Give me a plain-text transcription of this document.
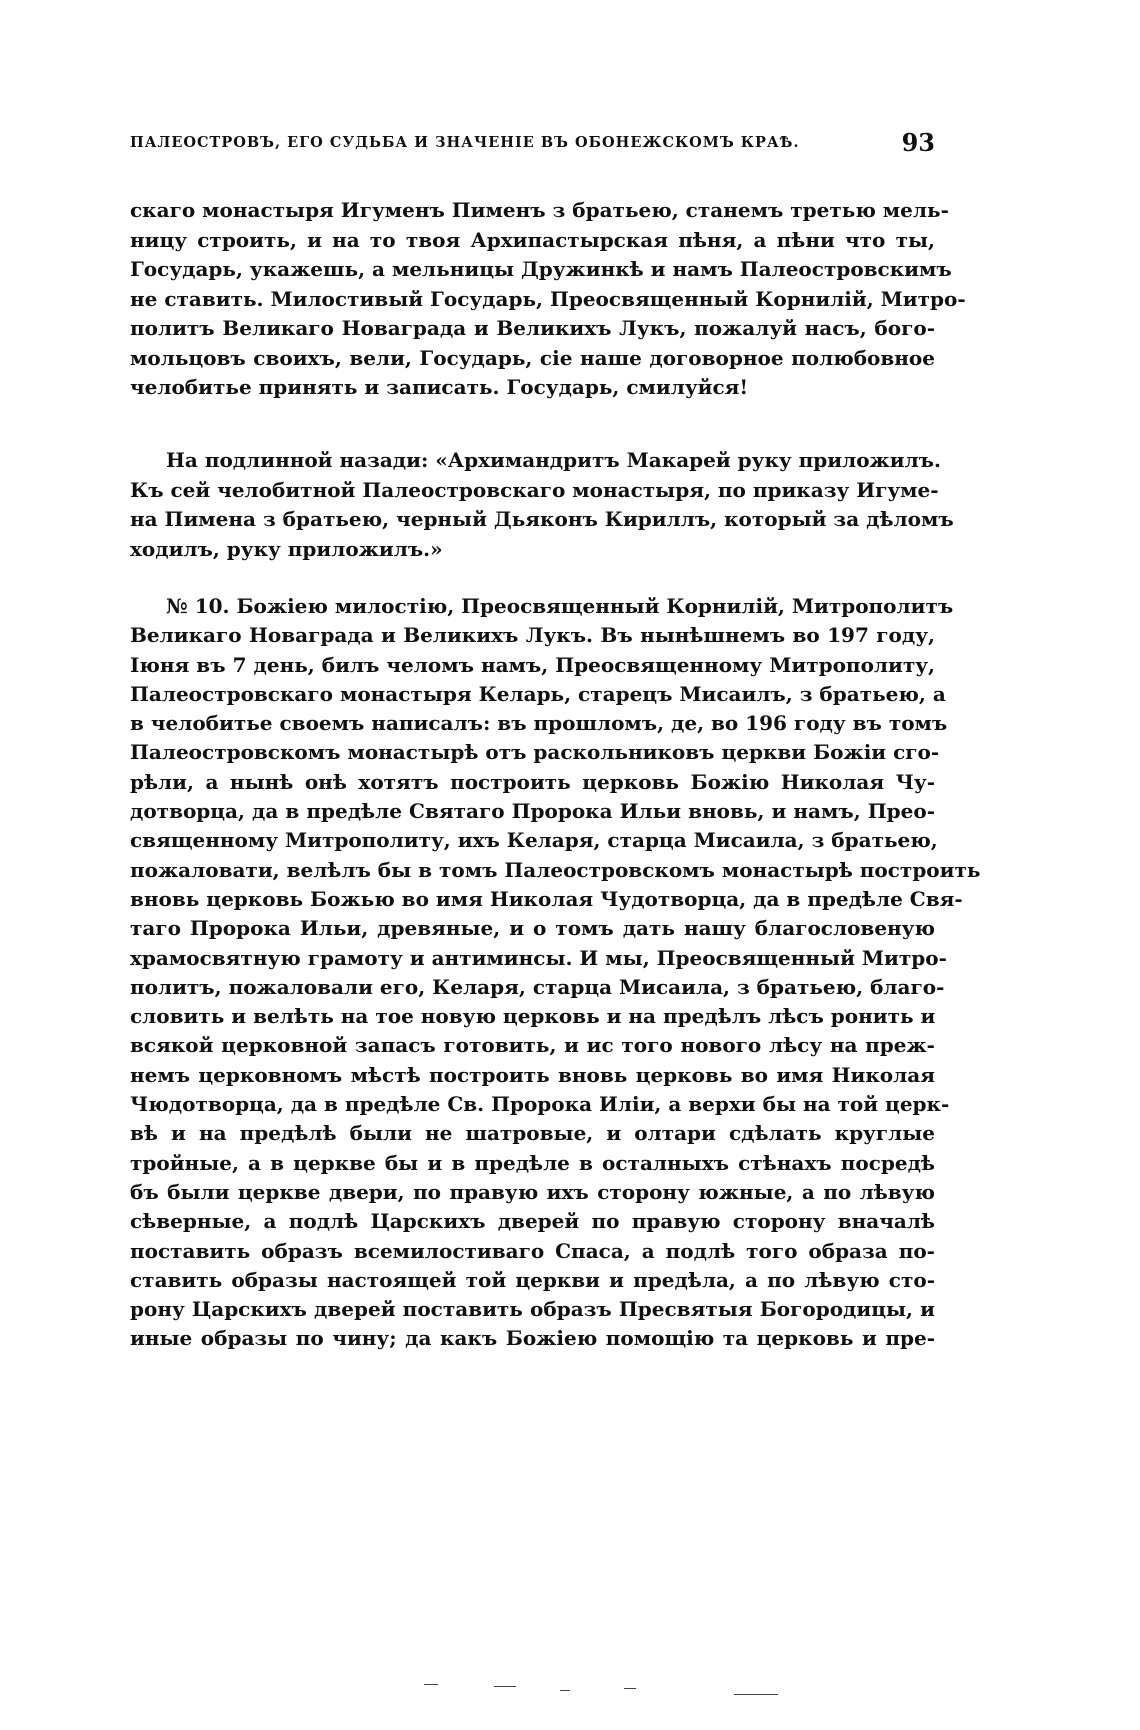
ПАЛЕОСТРОВЪ, ЕГО СУДЬБА И ЗНАЧЕНІЕ ВЪ ОБОНЕЖСКОМЪ КРАѢ.	93
скаго монастыря Игуменъ Пименъ з братьею, станемъ третью мель-
ницу строить, и на то твоя Архипастырская пѣня, а пѣни что ты,
Государь, укажешь, а мельницы Дружинкѣ и намъ Палеостровскимъ
не ставить. Милостивый Государь, Преосвященный Корнилій, Митро-
политъ Великаго Новаграда и Великихъ Лукъ, пожалуй насъ, бого-
мольцовъ своихъ, вели, Государь, сіе наше договорное полюбовное
челобитье принять и записать. Государь, смилуйся!
На подлинной назади: «Архимандритъ Макарей руку приложилъ.
Къ сей челобитной Палеостровскаго монастыря, по приказу Игуме-
на Пимена з братьею, черный Дьяконъ Кириллъ, который за дѣломъ
ходилъ, руку приложилъ.»
№ 10. Божіею милостію, Преосвященный Корнилій, Митрополитъ
Великаго Новаграда и Великихъ Лукъ. Въ нынѣшнемъ во 197 году,
Іюня въ 7 день, билъ челомъ намъ, Преосвященному Митрополиту,
Палеостровскаго монастыря Келарь, старецъ Мисаилъ, з братьею, а
в челобитье своемъ написалъ: въ прошломъ, де, во 196 году въ томъ
Палеостровскомъ монастырѣ отъ раскольниковъ церкви Божіи сго-
рѣли, а нынѣ онѣ хотятъ построить церковь Божію Николая Чу-
дотворца, да в предѣле Святаго Пророка Ильи вновь, и намъ, Прео-
священному Митрополиту, ихъ Келаря, старца Мисаила, з братьею,
пожаловати, велѣлъ бы в томъ Палеостровскомъ монастырѣ построить
вновь церковь Божью во имя Николая Чудотворца, да в предѣле Свя-
таго Пророка Ильи, древяные, и о томъ дать нашу благословеную
храмосвятную грамоту и антиминсы. И мы, Преосвященный Митро-
политъ, пожаловали его, Келаря, старца Мисаила, з братьею, благо-
словить и велѣть на тое новую церковь и на предѣлъ лѣсъ ронить и
всякой церковной запасъ готовить, и ис того нового лѣсу на преж-
немъ церковномъ мѣстѣ построить вновь церковь во имя Николая
Чюдотворца, да в предѣле Св. Пророка Иліи, а верхи бы на той церк-
вѣ и на предѣлѣ были не шатровые, и олтари сдѣлать круглые
тройные, а в церкве бы и в предѣле в осталныхъ стѣнахъ посредѣ
бъ были церкве двери, по правую ихъ сторону южные, а по лѣвую
сѣверные, а подлѣ Царскихъ дверей по правую сторону вначалѣ
поставить образъ всемилостиваго Спаса, а подлѣ того образа по-
ставить образы настоящей той церкви и предѣла, а по лѣвую сто-
рону Царскихъ дверей поставить образъ Пресвятыя Богородицы, и
иные образы по чину; да какъ Божіею помощію та церковь и пре-
